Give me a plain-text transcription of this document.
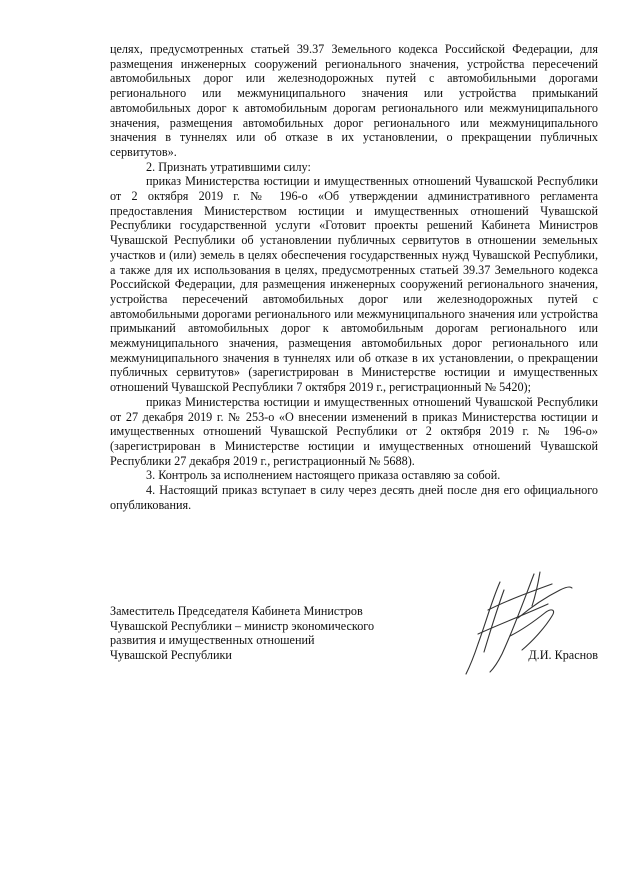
целях, предусмотренных статьей 39.37 Земельного кодекса Российской Федерации, для размещения инженерных сооружений регионального значения, устройства пересечений автомобильных дорог или железнодорожных путей с автомобильными дорогами регионального или межмуниципального значения или устройства примыканий автомобильных дорог к автомобильным дорогам регионального или межмуниципального значения, размещения автомобильных дорог регионального или межмуниципального значения в туннелях или об отказе в их установлении, о прекращении публичных сервитутов».

2. Признать утратившими силу:

приказ Министерства юстиции и имущественных отношений Чувашской Республики от 2 октября 2019 г. № 196-о «Об утверждении административного регламента предоставления Министерством юстиции и имущественных отношений Чувашской Республики государственной услуги «Готовит проекты решений Кабинета Министров Чувашской Республики об установлении публичных сервитутов в отношении земельных участков и (или) земель в целях обеспечения государственных нужд Чувашской Республики, а также для их использования в целях, предусмотренных статьей 39.37 Земельного кодекса Российской Федерации, для размещения инженерных сооружений регионального значения, устройства пересечений автомобильных дорог или железнодорожных путей с автомобильными дорогами регионального или межмуниципального значения или устройства примыканий автомобильных дорог к автомобильным дорогам регионального или межмуниципального значения, размещения автомобильных дорог регионального или межмуниципального значения в туннелях или об отказе в их установлении, о прекращении публичных сервитутов» (зарегистрирован в Министерстве юстиции и имущественных отношений Чувашской Республики 7 октября 2019 г., регистрационный № 5420);

приказ Министерства юстиции и имущественных отношений Чувашской Республики от 27 декабря 2019 г. № 253-о «О внесении изменений в приказ Министерства юстиции и имущественных отношений Чувашской Республики от 2 октября 2019 г. № 196-о» (зарегистрирован в Министерстве юстиции и имущественных отношений Чувашской Республики 27 декабря 2019 г., регистрационный № 5688).

3. Контроль за исполнением настоящего приказа оставляю за собой.

4. Настоящий приказ вступает в силу через десять дней после дня его официального опубликования.

Заместитель Председателя Кабинета Министров
Чувашской Республики – министр экономического
развития и имущественных отношений
Чувашской Республики	Д.И. Краснов
